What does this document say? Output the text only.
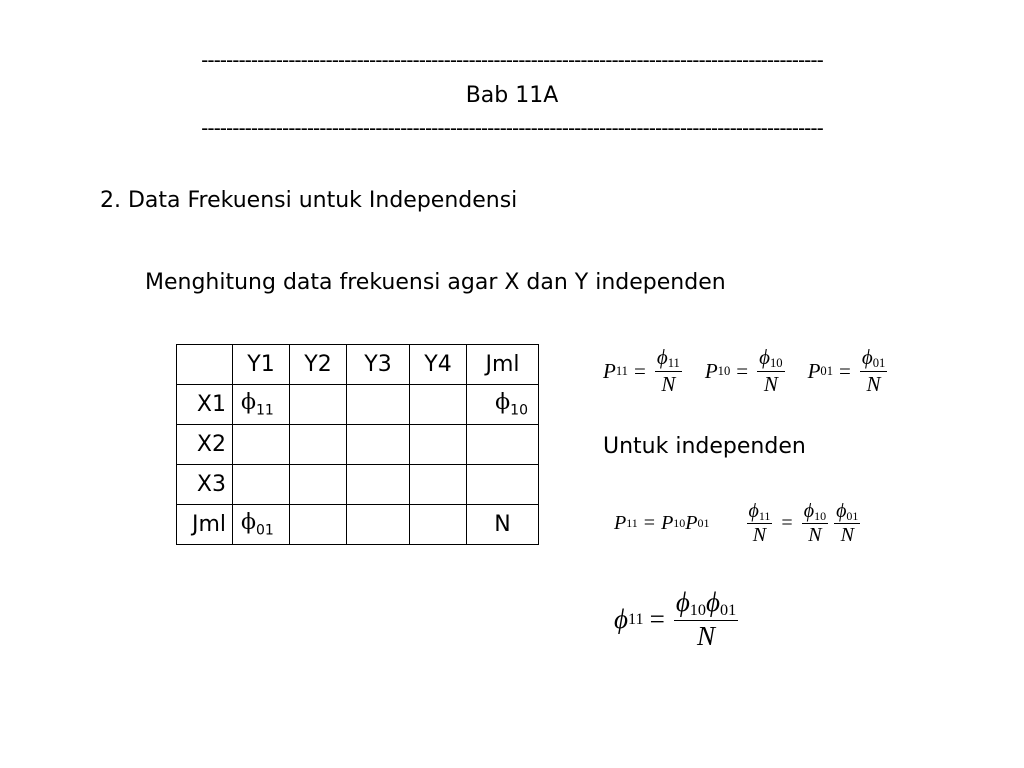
----------------------------------------------------------------------------------------------------
Bab 11A
----------------------------------------------------------------------------------------------------
2. Data Frekuensi untuk Independensi
Menghitung data frekuensi agar X dan Y independen
	Y1	Y2	Y3	Y4	Jml
X1	$\phi_{11}$				$\phi_{10}$
X2					
X3					
Jml	$\phi_{01}$				N
P $11 = \frac{\phi_{11}}{N}$ P $10 = \frac{\phi_{10}}{N}$ P $01 = \frac{\phi_{01}}{N}$
Untuk independen
P 11 = P 10 P $01 \frac{\phi_{11}}{N} = \frac{\phi_{10}}{N} \frac{\phi_{01}}{N}$
ϕ $11 = \frac{\phi_{10}\phi_{01}}{N}$
